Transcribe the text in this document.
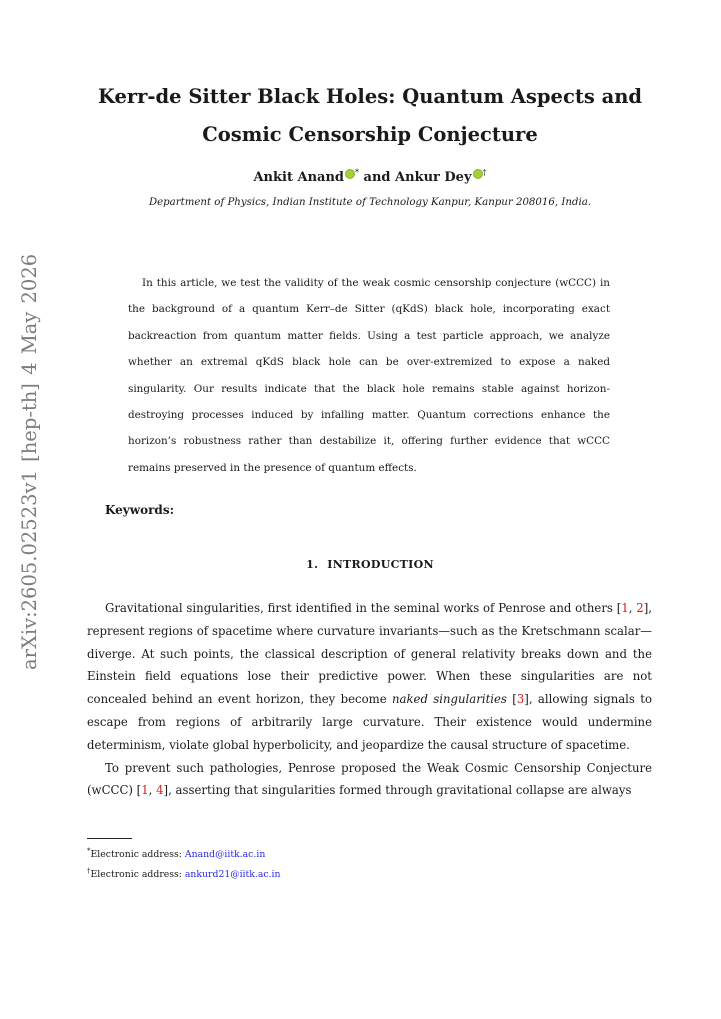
arXiv:2605.02523v1 [hep-th] 4 May 2026
Kerr-de Sitter Black Holes: Quantum Aspects and
Cosmic Censorship Conjecture
Ankit Anand * and Ankur Dey †
Department of Physics, Indian Institute of Technology Kanpur, Kanpur 208016, India.

In this article, we test the validity of the weak cosmic censorship conjecture (wCCC) in the background of a quantum Kerr–de Sitter (qKdS) black hole, incorporating exact backreaction from quantum matter fields. Using a test particle approach, we analyze whether an extremal qKdS black hole can be over-extremized to expose a naked singularity. Our results indicate that the black hole remains stable against horizon-destroying processes induced by infalling matter. Quantum corrections enhance the horizon’s robustness rather than destabilize it, offering further evidence that wCCC remains preserved in the presence of quantum effects.

Keywords:
1. INTRODUCTION

Gravitational singularities, first identified in the seminal works of Penrose and others [1, 2], represent regions of spacetime where curvature invariants—such as the Kretschmann scalar—diverge. At such points, the classical description of general relativity breaks down and the Einstein field equations lose their predictive power. When these singularities are not concealed behind an event horizon, they become naked singularities [3], allowing signals to escape from regions of arbitrarily large curvature. Their existence would undermine determinism, violate global hyperbolicity, and jeopardize the causal structure of spacetime.

To prevent such pathologies, Penrose proposed the Weak Cosmic Censorship Conjecture (wCCC) [1, 4], asserting that singularities formed through gravitational collapse are always

*Electronic address: Anand@iitk.ac.in
†Electronic address: ankurd21@iitk.ac.in
